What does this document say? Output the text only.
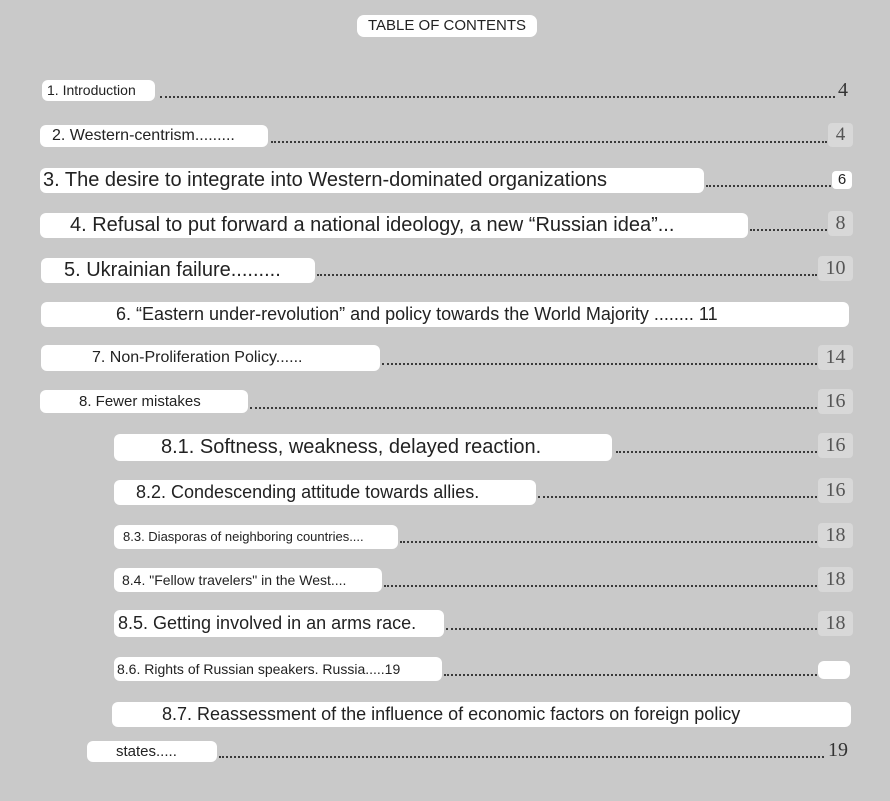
TABLE OF CONTENTS
1. Introduction	4
2. Western-centrism.........	4
3. The desire to integrate into Western-dominated organizations	6
4. Refusal to put forward a national ideology, a new “Russian idea”...	8
5. Ukrainian failure.........	10
6. “Eastern under-revolution” and policy towards the World Majority ........ 11
7. Non-Proliferation Policy......	14
8. Fewer mistakes	16
8.1. Softness, weakness, delayed reaction.	16
8.2. Condescending attitude towards allies.	16
8.3. Diasporas of neighboring countries....	18
8.4. "Fellow travelers" in the West....	18
8.5. Getting involved in an arms race.	18
8.6. Rights of Russian speakers. Russia.....19
8.7. Reassessment of the influence of economic factors on foreign policy
states.....	19
